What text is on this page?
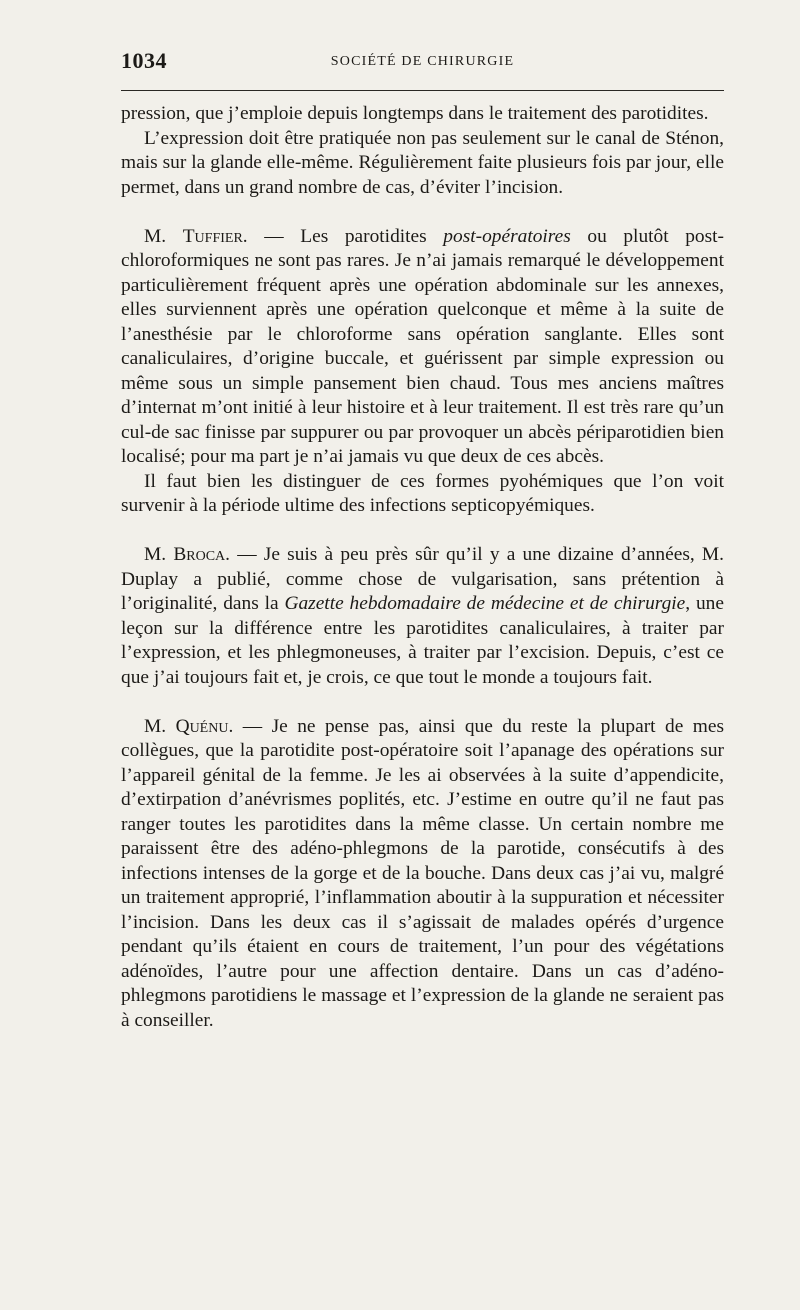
1034	SOCIÉTÉ DE CHIRURGIE

pression, que j’emploie depuis longtemps dans le traitement des parotidites.

L’expression doit être pratiquée non pas seulement sur le canal de Sténon, mais sur la glande elle-même. Régulièrement faite plusieurs fois par jour, elle permet, dans un grand nombre de cas, d’éviter l’incision.

M. Tuffier. — Les parotidites post-opératoires ou plutôt post-chloroformiques ne sont pas rares. Je n’ai jamais remarqué le développement particulièrement fréquent après une opération abdominale sur les annexes, elles surviennent après une opération quelconque et même à la suite de l’anesthésie par le chloroforme sans opération sanglante. Elles sont canaliculaires, d’origine buccale, et guérissent par simple expression ou même sous un simple pansement bien chaud. Tous mes anciens maîtres d’internat m’ont initié à leur histoire et à leur traitement. Il est très rare qu’un cul-de sac finisse par suppurer ou par provoquer un abcès périparotidien bien localisé; pour ma part je n’ai jamais vu que deux de ces abcès.

Il faut bien les distinguer de ces formes pyohémiques que l’on voit survenir à la période ultime des infections septicopyémiques.

M. Broca. — Je suis à peu près sûr qu’il y a une dizaine d’années, M. Duplay a publié, comme chose de vulgarisation, sans prétention à l’originalité, dans la Gazette hebdomadaire de médecine et de chirurgie, une leçon sur la différence entre les parotidites canaliculaires, à traiter par l’expression, et les phlegmoneuses, à traiter par l’excision. Depuis, c’est ce que j’ai toujours fait et, je crois, ce que tout le monde a toujours fait.

M. Quénu. — Je ne pense pas, ainsi que du reste la plupart de mes collègues, que la parotidite post-opératoire soit l’apanage des opérations sur l’appareil génital de la femme. Je les ai observées à la suite d’appendicite, d’extirpation d’anévrismes poplités, etc. J’estime en outre qu’il ne faut pas ranger toutes les parotidites dans la même classe. Un certain nombre me paraissent être des adéno-phlegmons de la parotide, consécutifs à des infections intenses de la gorge et de la bouche. Dans deux cas j’ai vu, malgré un traitement approprié, l’inflammation aboutir à la suppuration et nécessiter l’incision. Dans les deux cas il s’agissait de malades opérés d’urgence pendant qu’ils étaient en cours de traitement, l’un pour des végétations adénoïdes, l’autre pour une affection dentaire. Dans un cas d’adéno-phlegmons parotidiens le massage et l’expression de la glande ne seraient pas à conseiller.
